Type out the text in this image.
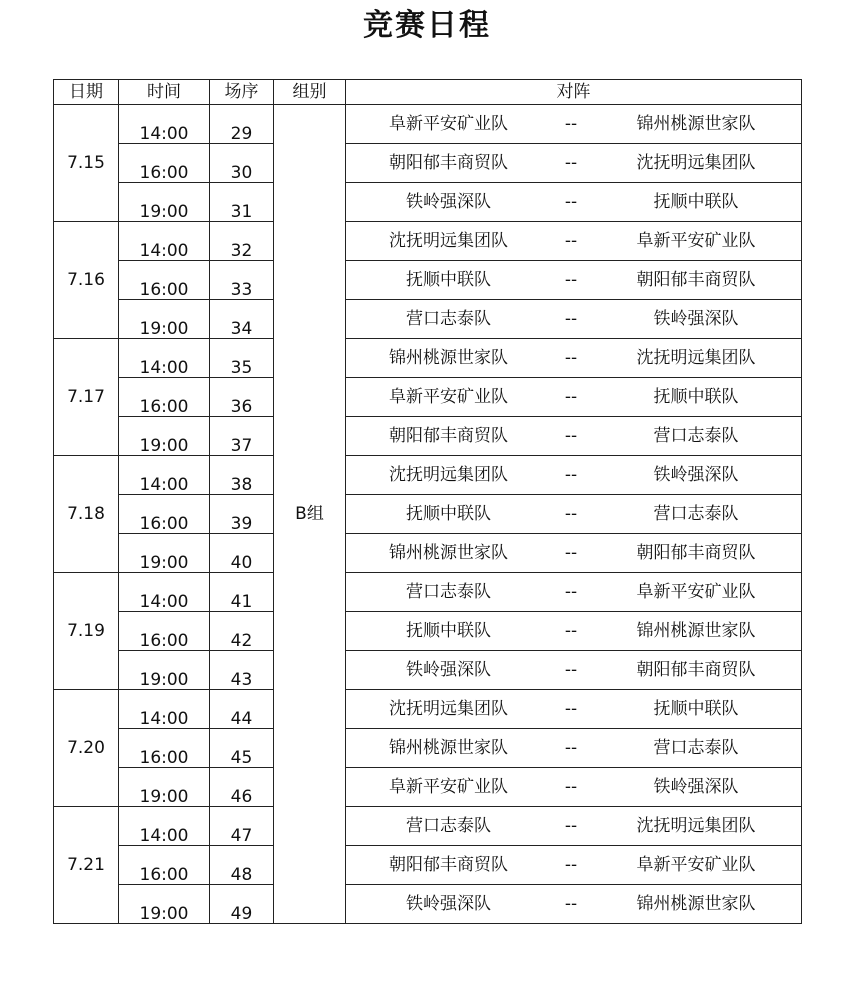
竞赛日程
日期	时间	场序	组别	对阵
7.15	14:00	29	B组	阜新平安矿业队 -- 锦州桃源世家队

	16:00	30		朝阳郁丰商贸队 -- 沈抚明远集团队

	19:00	31		铁岭强深队 -- 抚顺中联队

7.16	14:00	32		沈抚明远集团队 -- 阜新平安矿业队

	16:00	33		抚顺中联队 -- 朝阳郁丰商贸队

	19:00	34		营口志泰队 -- 铁岭强深队

7.17	14:00	35		锦州桃源世家队 -- 沈抚明远集团队

	16:00	36		阜新平安矿业队 -- 抚顺中联队

	19:00	37		朝阳郁丰商贸队 -- 营口志泰队

7.18	14:00	38		沈抚明远集团队 -- 铁岭强深队

	16:00	39		抚顺中联队 -- 营口志泰队

	19:00	40		锦州桃源世家队 -- 朝阳郁丰商贸队

7.19	14:00	41		营口志泰队 -- 阜新平安矿业队

	16:00	42		抚顺中联队 -- 锦州桃源世家队

	19:00	43		铁岭强深队 -- 朝阳郁丰商贸队

7.20	14:00	44		沈抚明远集团队 -- 抚顺中联队

	16:00	45		锦州桃源世家队 -- 营口志泰队

	19:00	46		阜新平安矿业队 -- 铁岭强深队

7.21	14:00	47		营口志泰队 -- 沈抚明远集团队

	16:00	48		朝阳郁丰商贸队 -- 阜新平安矿业队

	19:00	49		铁岭强深队 -- 锦州桃源世家队
